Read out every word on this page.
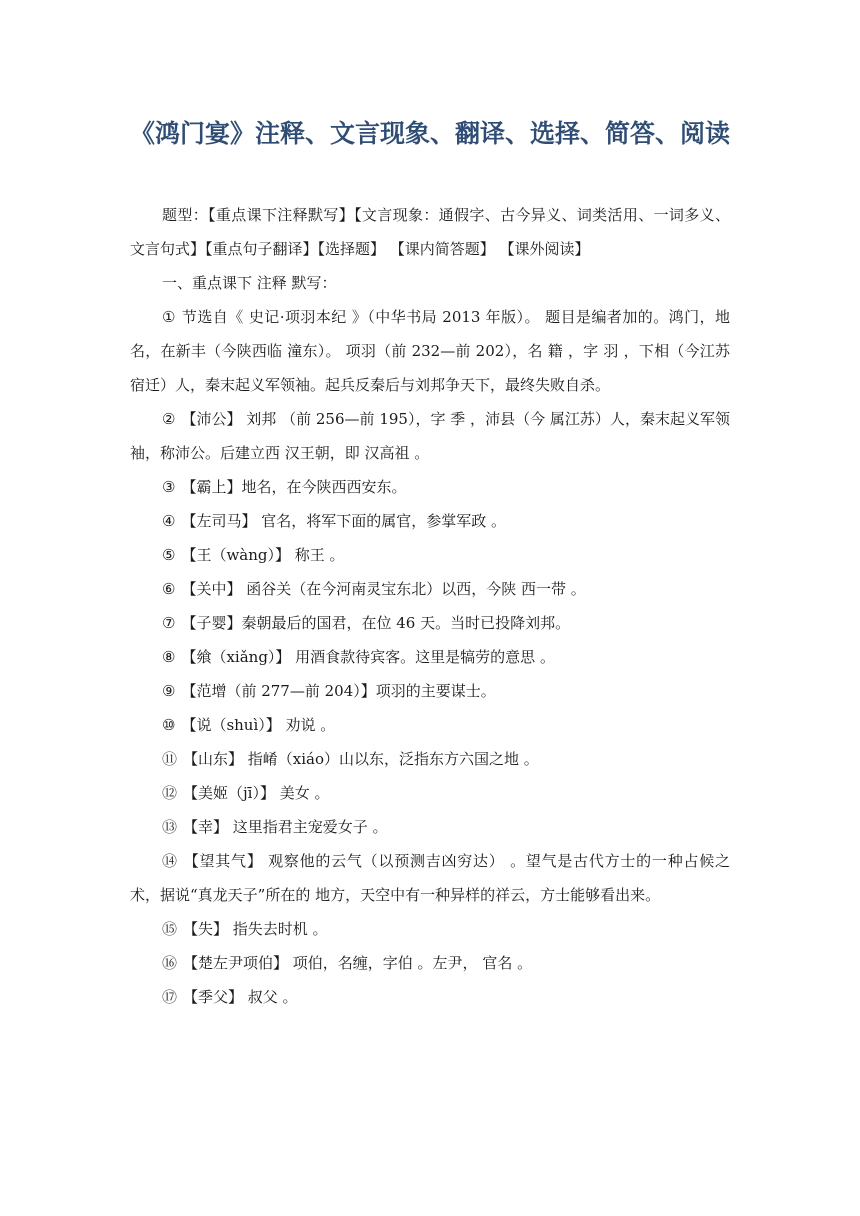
《鸿门宴》注释、文言现象、翻译、选择、简答、阅读

题型：【重点课下注释默写】【文言现象：通假字、古今异义、词类活用、一词多义、文言句式】【重点句子翻译】【选择题】 【课内简答题】 【课外阅读】

一、重点课下 注释 默写：

① 节选自《 史记·项羽本纪 》（中华书局 2013 年版）。 题目是编者加的。鸿门，地名，在新丰（今陕西临 潼东）。 项羽（前 232—前 202），名 籍 ，字 羽 ，下相（今江苏宿迁）人，秦末起义军领袖。起兵反秦后与刘邦争天下，最终失败自杀。

② 【沛公】 刘邦 （前 256—前 195），字 季 ，沛县（今 属江苏）人，秦末起义军领袖，称沛公。后建立西 汉王朝，即 汉高祖 。

③ 【霸上】地名，在今陕西西安东。

④ 【左司马】 官名，将军下面的属官，参掌军政 。

⑤ 【王（wàng）】 称王 。

⑥ 【关中】 函谷关（在今河南灵宝东北）以西，今陕 西一带 。

⑦ 【子婴】秦朝最后的国君，在位 46 天。当时已投降刘邦。

⑧ 【飨（xiǎng）】 用酒食款待宾客。这里是犒劳的意思 。

⑨ 【范增（前 277—前 204）】项羽的主要谋士。

⑩ 【说（shuì）】 劝说 。

⑪ 【山东】 指崤（xiáo）山以东，泛指东方六国之地 。

⑫ 【美姬（jī）】 美女 。

⑬ 【幸】 这里指君主宠爱女子 。

⑭ 【望其气】 观察他的云气（以预测吉凶穷达） 。望气是古代方士的一种占候之术，据说“真龙天子”所在的 地方，天空中有一种异样的祥云，方士能够看出来。

⑮ 【失】 指失去时机 。

⑯ 【楚左尹项伯】 项伯，名缠，字伯 。左尹， 官名 。

⑰ 【季父】 叔父 。
